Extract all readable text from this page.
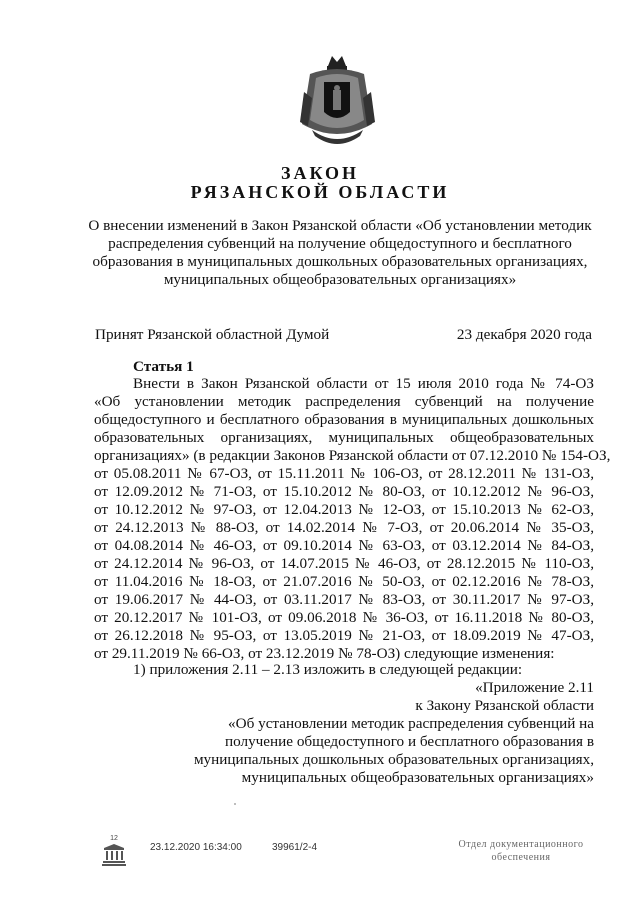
ЗАКОН
РЯЗАНСКОЙ ОБЛАСТИ
О внесении изменений в Закон Рязанской области «Об установлении методик распределения субвенций на получение общедоступного и бесплатного образования в муниципальных дошкольных образовательных организациях, муниципальных общеобразовательных организациях»
Принят Рязанской областной Думой	23 декабря 2020 года
Статья 1
Внести в Закон Рязанской области от 15 июля 2010 года № 74-ОЗ
«Об установлении методик распределения субвенций на получение
общедоступного и бесплатного образования в муниципальных дошкольных
образовательных организациях, муниципальных общеобразовательных
организациях» (в редакции Законов Рязанской области от 07.12.2010 № 154-ОЗ,
от 05.08.2011 № 67-ОЗ, от 15.11.2011 № 106-ОЗ, от 28.12.2011 № 131-ОЗ,
от 12.09.2012 № 71-ОЗ, от 15.10.2012 № 80-ОЗ, от 10.12.2012 № 96-ОЗ,
от 10.12.2012 № 97-ОЗ, от 12.04.2013 № 12-ОЗ, от 15.10.2013 № 62-ОЗ,
от 24.12.2013 № 88-ОЗ, от 14.02.2014 № 7-ОЗ, от 20.06.2014 № 35-ОЗ,
от 04.08.2014 № 46-ОЗ, от 09.10.2014 № 63-ОЗ, от 03.12.2014 № 84-ОЗ,
от 24.12.2014 № 96-ОЗ, от 14.07.2015 № 46-ОЗ, от 28.12.2015 № 110-ОЗ,
от 11.04.2016 № 18-ОЗ, от 21.07.2016 № 50-ОЗ, от 02.12.2016 № 78-ОЗ,
от 19.06.2017 № 44-ОЗ, от 03.11.2017 № 83-ОЗ, от 30.11.2017 № 97-ОЗ,
от 20.12.2017 № 101-ОЗ, от 09.06.2018 № 36-ОЗ, от 16.11.2018 № 80-ОЗ,
от 26.12.2018 № 95-ОЗ, от 13.05.2019 № 21-ОЗ, от 18.09.2019 № 47-ОЗ,
от 29.11.2019 № 66-ОЗ, от 23.12.2019 № 78-ОЗ) следующие изменения:
1) приложения 2.11 – 2.13 изложить в следующей редакции:
«Приложение 2.11
к Закону Рязанской области
«Об установлении методик распределения субвенций на
получение общедоступного и бесплатного образования в
муниципальных дошкольных образовательных организациях,
муниципальных общеобразовательных организациях»
12
23.12.2020 16:34:00	39961/2-4	Отдел документационного
обеспечения
